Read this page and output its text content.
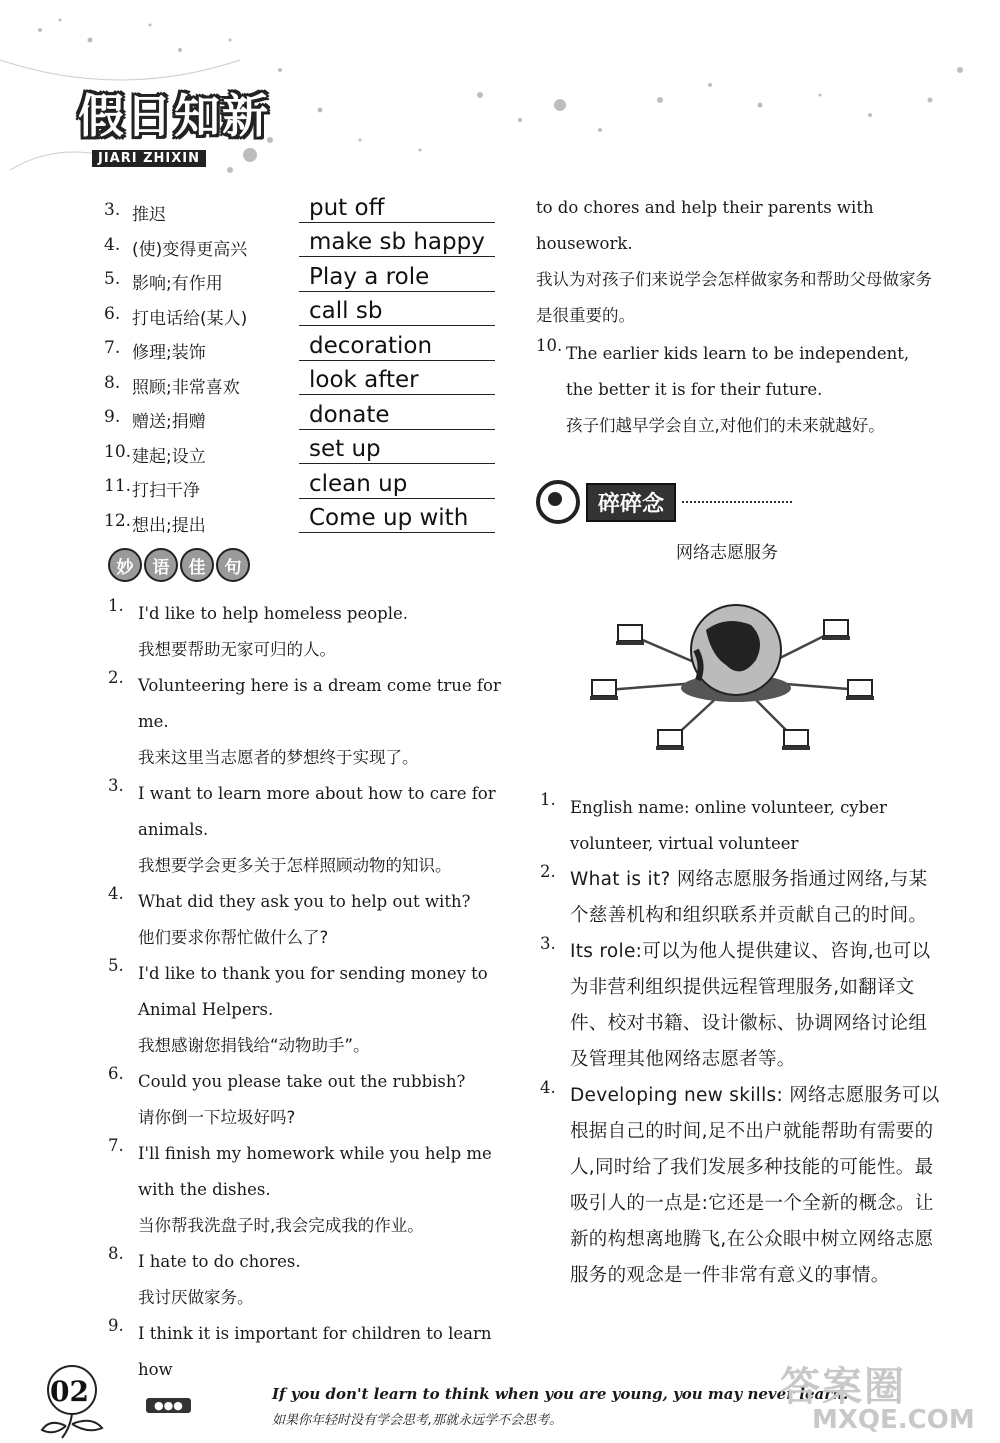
假日知新
JIARI ZHIXIN
3. 推迟	put off
4. (使)变得更高兴	make sb happy
5. 影响;有作用	Play a role
6. 打电话给(某人)	call sb
7. 修理;装饰	decoration
8. 照顾;非常喜欢	look after
9. 赠送;捐赠	donate
10. 建起;设立	set up
11. 打扫干净	clean up
12. 想出;提出	Come up with
妙	语	佳	句
1. I'd like to help homeless people.
我想要帮助无家可归的人。
2. Volunteering here is a dream come true for me.
我来这里当志愿者的梦想终于实现了。
3. I want to learn more about how to care for animals.
我想要学会更多关于怎样照顾动物的知识。
4. What did they ask you to help out with?
他们要求你帮忙做什么了?
5. I'd like to thank you for sending money to Animal Helpers.
我想感谢您捐钱给“动物助手”。
6. Could you please take out the rubbish?
请你倒一下垃圾好吗?
7. I'll finish my homework while you help me with the dishes.
当你帮我洗盘子时,我会完成我的作业。
8. I hate to do chores.
我讨厌做家务。
9. I think it is important for children to learn how
to do chores and help their parents with housework.
我认为对孩子们来说学会怎样做家务和帮助父母做家务是很重要的。
10. The earlier kids learn to be independent, the better it is for their future.
孩子们越早学会自立,对他们的未来就越好。
碎碎念
网络志愿服务
1. English name: online volunteer, cyber volunteer, virtual volunteer
2. What is it? 网络志愿服务指通过网络,与某个慈善机构和组织联系并贡献自己的时间。
3. Its role:可以为他人提供建议、咨询,也可以为非营利组织提供远程管理服务,如翻译文件、校对书籍、设计徽标、协调网络讨论组及管理其他网络志愿者等。
4. Developing new skills: 网络志愿服务可以根据自己的时间,足不出户就能帮助有需要的人,同时给了我们发展多种技能的可能性。最吸引人的一点是:它还是一个全新的概念。让新的构想离地腾飞,在公众眼中树立网络志愿服务的观念是一件非常有意义的事情。
02	●●●
If you don't learn to think when you are young, you may never learn.
如果你年轻时没有学会思考,那就永远学不会思考。
答案圈
MXQE.COM
